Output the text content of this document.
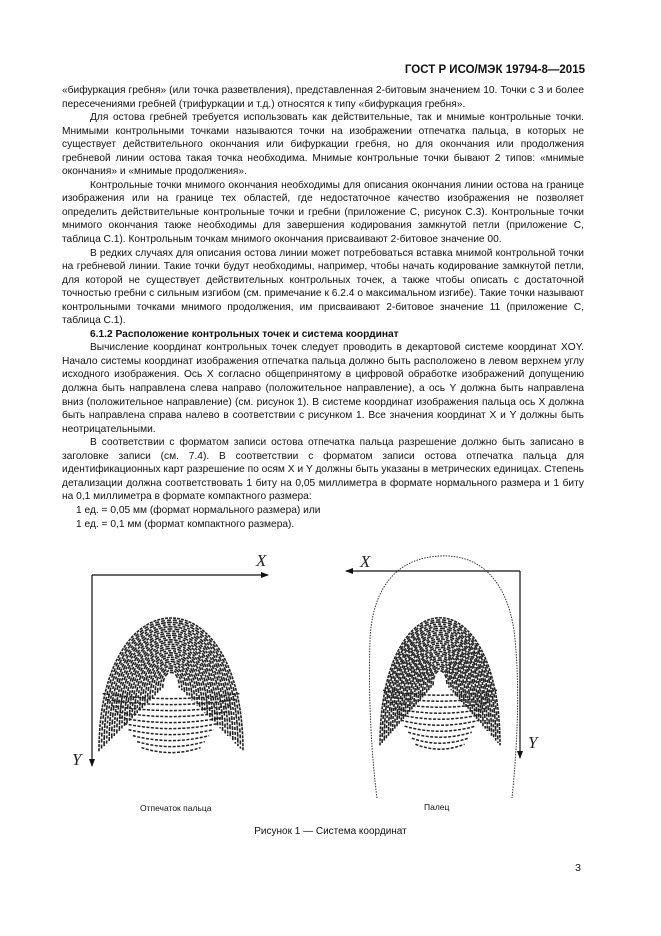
ГОСТ Р ИСО/МЭК 19794-8—2015

«бифуркация гребня» (или точка разветвления), представленная 2-битовым значением 10. Точки с 3 и более пересечениями гребней (трифуркации и т.д.) относятся к типу «бифуркация гребня».

Для остова гребней требуется использовать как действительные, так и мнимые контрольные точки. Мнимыми контрольными точками называются точки на изображении отпечатка пальца, в которых не существует действительного окончания или бифуркации гребня, но для окончания или продолжения гребневой линии остова такая точка необходима. Мнимые контрольные точки бывают 2 типов: «мнимые окончания» и «мнимые продолжения».

Контрольные точки мнимого окончания необходимы для описания окончания линии остова на границе изображения или на границе тех областей, где недостаточное качество изображения не позволяет определить действительные контрольные точки и гребни (приложение С, рисунок С.3). Контрольные точки мнимого окончания также необходимы для завершения кодирования замкнутой петли (приложение С, таблица С.1). Контрольным точкам мнимого окончания присваивают 2-битовое значение 00.

В редких случаях для описания остова линии может потребоваться вставка мнимой контрольной точки на гребневой линии. Такие точки будут необходимы, например, чтобы начать кодирование замкнутой петли, для которой не существует действительных контрольных точек, а также чтобы описать с достаточной точностью гребни с сильным изгибом (см. примечание к 6.2.4 о максимальном изгибе). Такие точки называют контрольными точками мнимого продолжения, им присваивают 2-битовое значение 11 (приложение С, таблица С.1).

6.1.2 Расположение контрольных точек и система координат

Вычисление координат контрольных точек следует проводить в декартовой системе координат XOY. Начало системы координат изображения отпечатка пальца должно быть расположено в левом верхнем углу исходного изображения. Ось X согласно общепринятому в цифровой обработке изображений допущению должна быть направлена слева направо (положительное направление), а ось Y должна быть направлена вниз (положительное направление) (см. рисунок 1). В системе координат изображения пальца ось X должна быть направлена справа налево в соответствии с рисунком 1. Все значения координат X и Y должны быть неотрицательными.

В соответствии с форматом записи остова отпечатка пальца разрешение должно быть записано в заголовке записи (см. 7.4). В соответствии с форматом записи остова отпечатка пальца для идентификационных карт разрешение по осям X и Y должны быть указаны в метрических единицах. Степень детализации должна соответствовать 1 биту на 0,05 миллиметра в формате нормального размера и 1 биту на 0,1 миллиметра в формате компактного размера:

1 ед. = 0,05 мм (формат нормального размера) или

1 ед. = 0,1 мм (формат компактного размера).

X
Y
X
Y
Отпечаток пальца	Палец
Рисунок 1 — Система координат
3
